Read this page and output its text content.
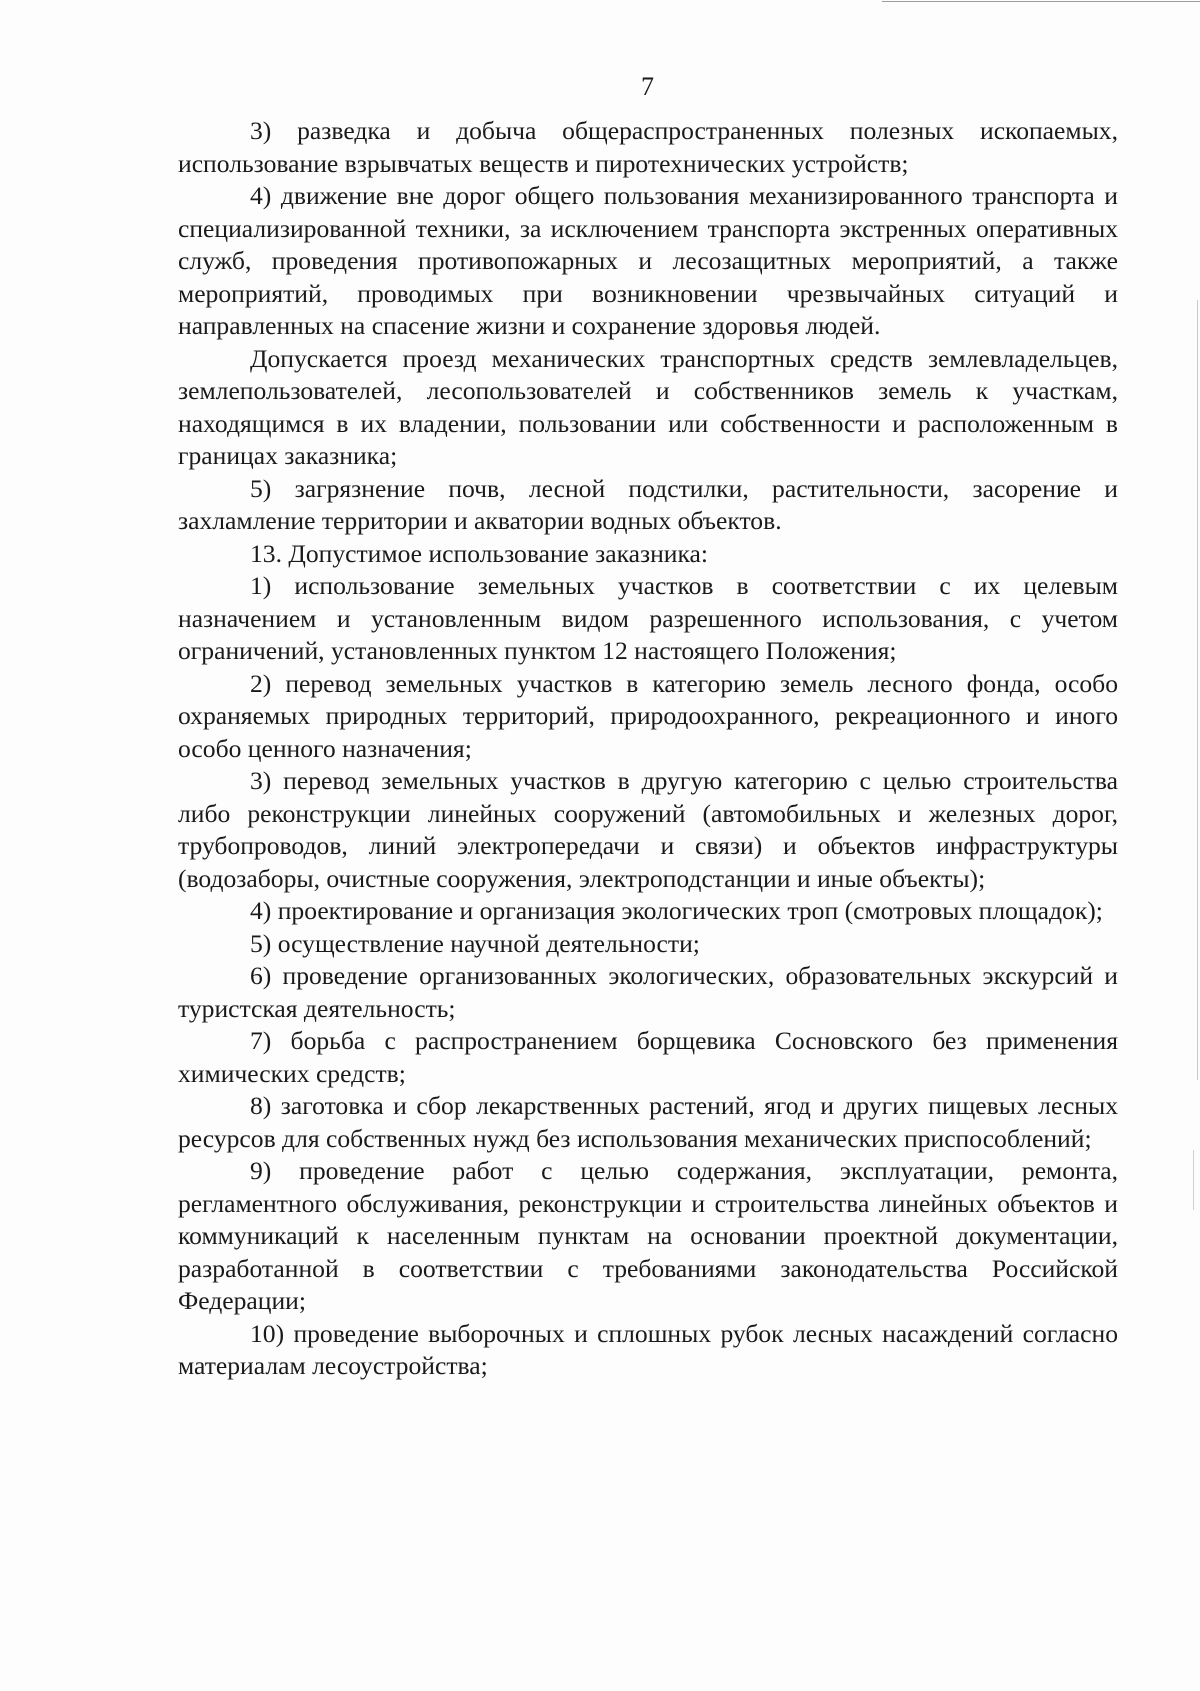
7

3) разведка и добыча общераспространенных полезных ископаемых, использование взрывчатых веществ и пиротехнических устройств;

4) движение вне дорог общего пользования механизированного транспорта и специализированной техники, за исключением транспорта экстренных оперативных служб, проведения противопожарных и лесозащитных мероприятий, а также мероприятий, проводимых при возникновении чрезвычайных ситуаций и направленных на спасение жизни и сохранение здоровья людей.

Допускается проезд механических транспортных средств землевладельцев, землепользователей, лесопользователей и собственников земель к участкам, находящимся в их владении, пользовании или собственности и расположенным в границах заказника;

5) загрязнение почв, лесной подстилки, растительности, засорение и захламление территории и акватории водных объектов.

13. Допустимое использование заказника:

1) использование земельных участков в соответствии с их целевым назначением и установленным видом разрешенного использования, с учетом ограничений, установленных пунктом 12 настоящего Положения;

2) перевод земельных участков в категорию земель лесного фонда, особо охраняемых природных территорий, природоохранного, рекреационного и иного особо ценного назначения;

3) перевод земельных участков в другую категорию с целью строительства либо реконструкции линейных сооружений (автомобильных и железных дорог, трубопроводов, линий электропередачи и связи) и объектов инфраструктуры (водозаборы, очистные сооружения, электроподстанции и иные объекты);

4) проектирование и организация экологических троп (смотровых площадок);

5) осуществление научной деятельности;

6) проведение организованных экологических, образовательных экскурсий и туристская деятельность;

7) борьба с распространением борщевика Сосновского без применения химических средств;

8) заготовка и сбор лекарственных растений, ягод и других пищевых лесных ресурсов для собственных нужд без использования механических приспособлений;

9) проведение работ с целью содержания, эксплуатации, ремонта, регламентного обслуживания, реконструкции и строительства линейных объектов и коммуникаций к населенным пунктам на основании проектной документации, разработанной в соответствии с требованиями законодательства Российской Федерации;

10) проведение выборочных и сплошных рубок лесных насаждений согласно материалам лесоустройства;
